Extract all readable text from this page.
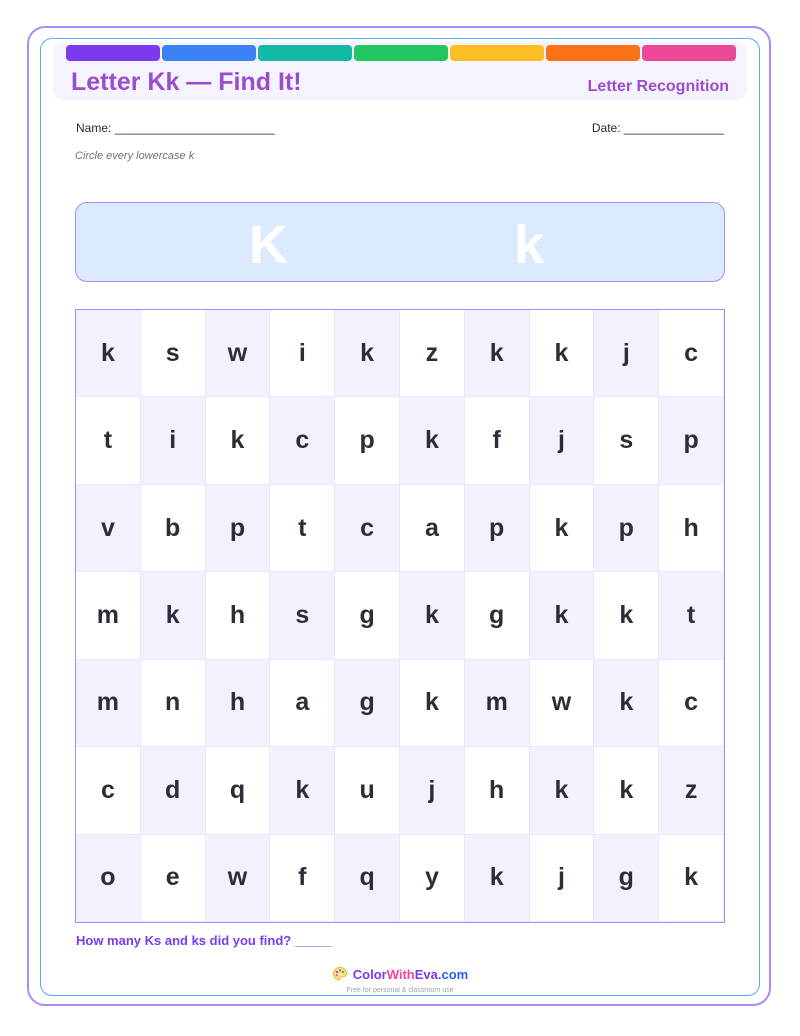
Letter Kk — Find It!	Letter Recognition
Name: ________________________	Date: _______________
Circle every lowercase k
K	k
k	s	w	i	k	z	k	k	j	c
t	i	k	c	p	k	f	j	s	p
v	b	p	t	c	a	p	k	p	h
m	k	h	s	g	k	g	k	k	t
m	n	h	a	g	k	m	w	k	c
c	d	q	k	u	j	h	k	k	z
o	e	w	f	q	y	k	j	g	k
How many Ks and ks did you find? _____
ColorWithEva.com
Free for personal & classroom use
